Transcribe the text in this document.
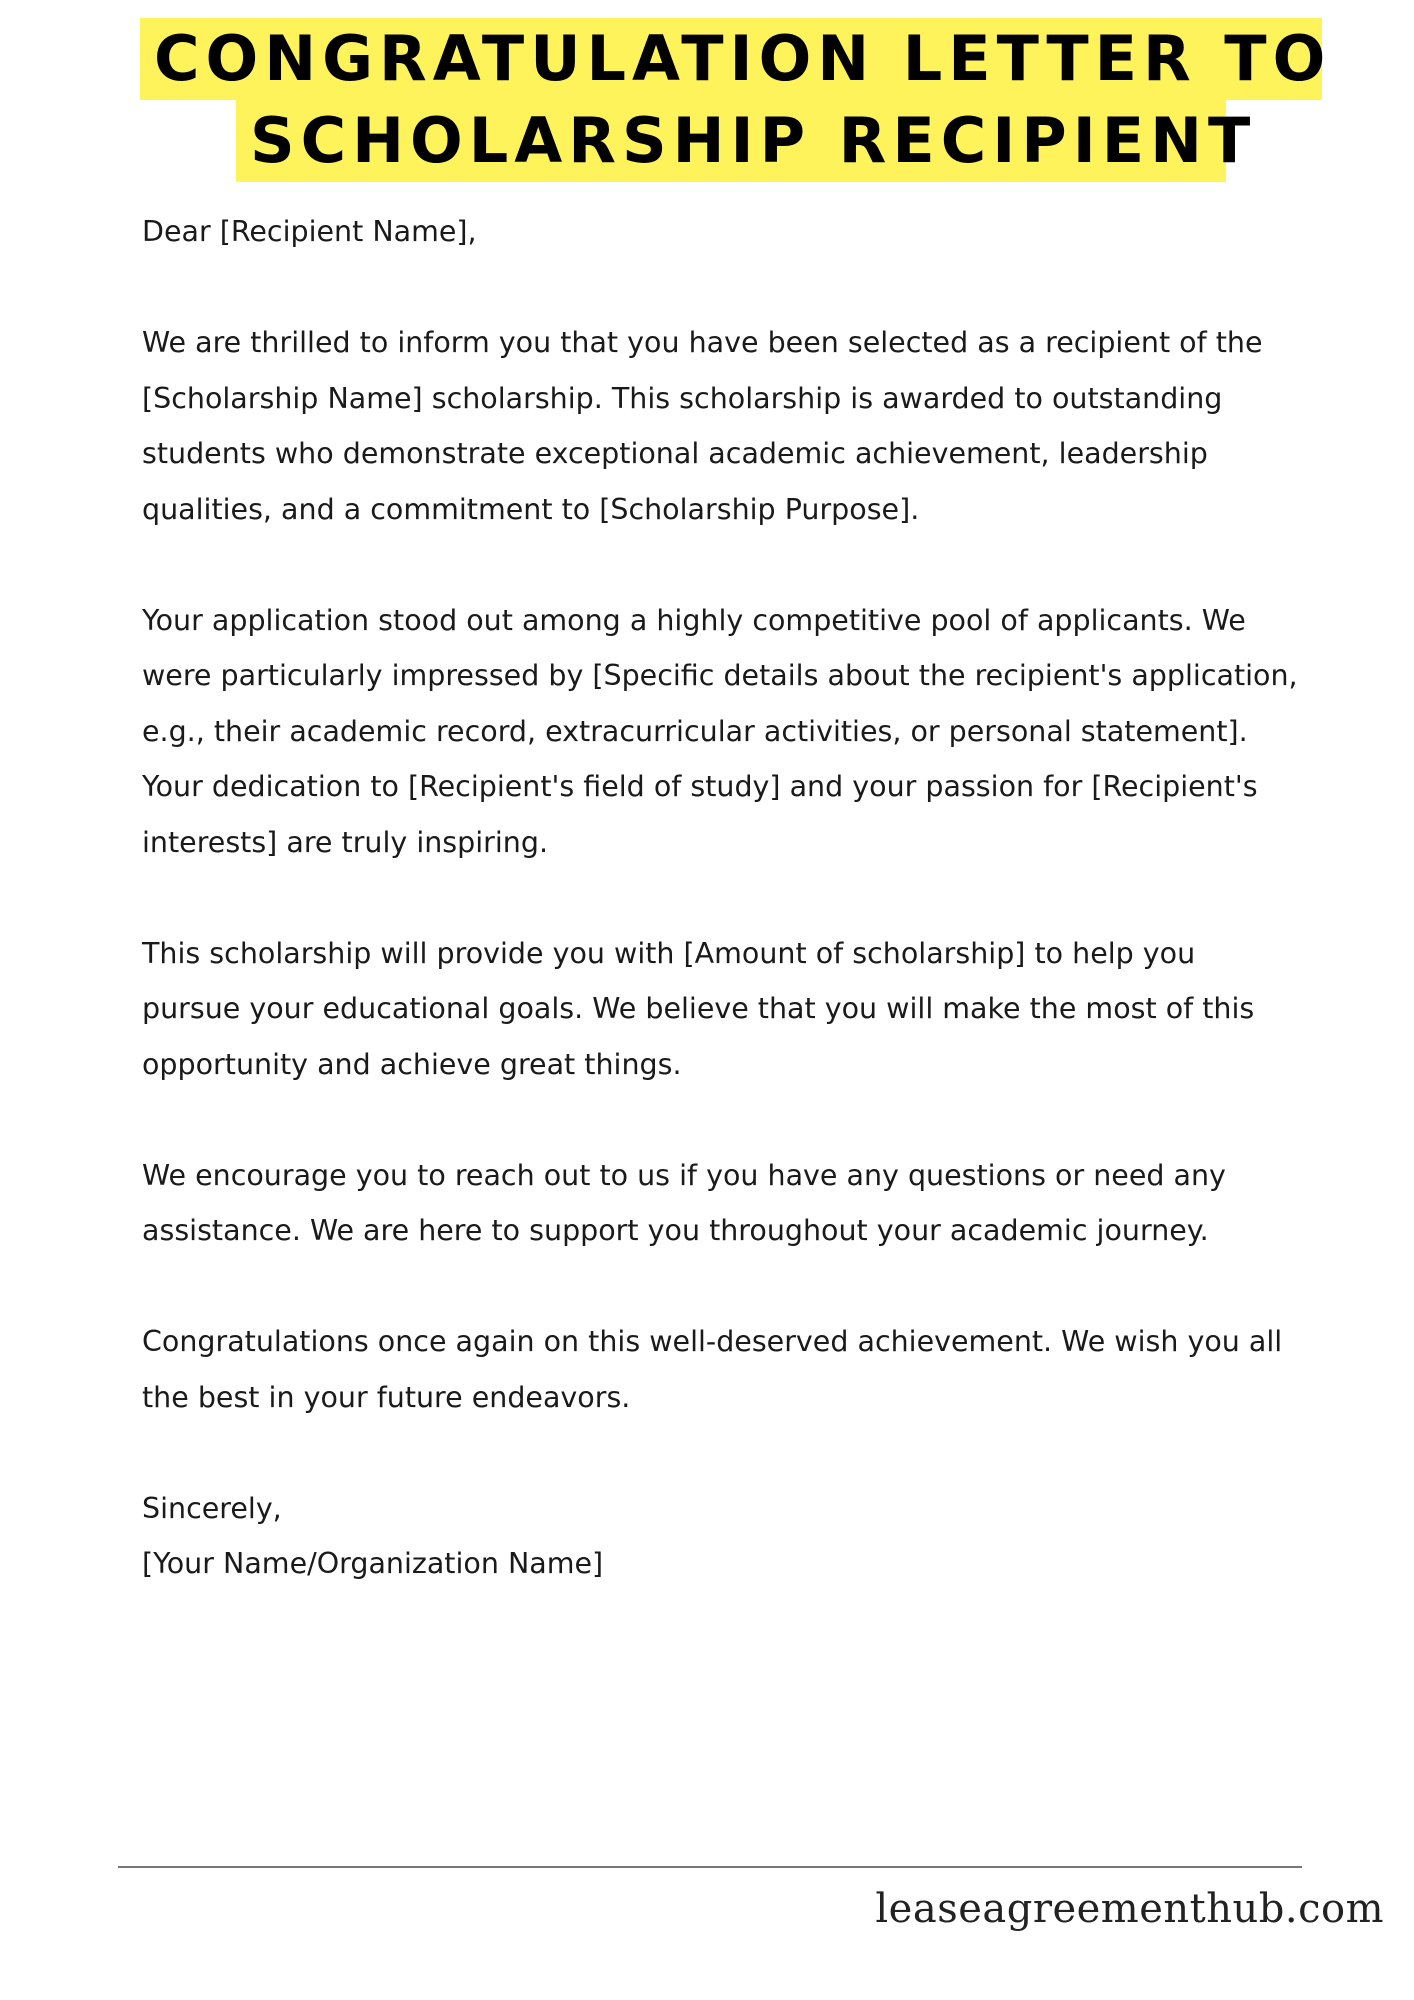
CONGRATULATION LETTER TO
SCHOLARSHIP RECIPIENT

Dear [Recipient Name],

We are thrilled to inform you that you have been selected as a recipient of the [Scholarship Name] scholarship. This scholarship is awarded to outstanding students who demonstrate exceptional academic achievement, leadership qualities, and a commitment to [Scholarship Purpose].

Your application stood out among a highly competitive pool of applicants. We were particularly impressed by [Specific details about the recipient's application, e.g., their academic record, extracurricular activities, or personal statement]. Your dedication to [Recipient's field of study] and your passion for [Recipient's interests] are truly inspiring.

This scholarship will provide you with [Amount of scholarship] to help you pursue your educational goals. We believe that you will make the most of this opportunity and achieve great things.

We encourage you to reach out to us if you have any questions or need any assistance. We are here to support you throughout your academic journey.

Congratulations once again on this well-deserved achievement. We wish you all the best in your future endeavors.

Sincerely,
[Your Name/Organization Name]

leaseagreementhub.com
